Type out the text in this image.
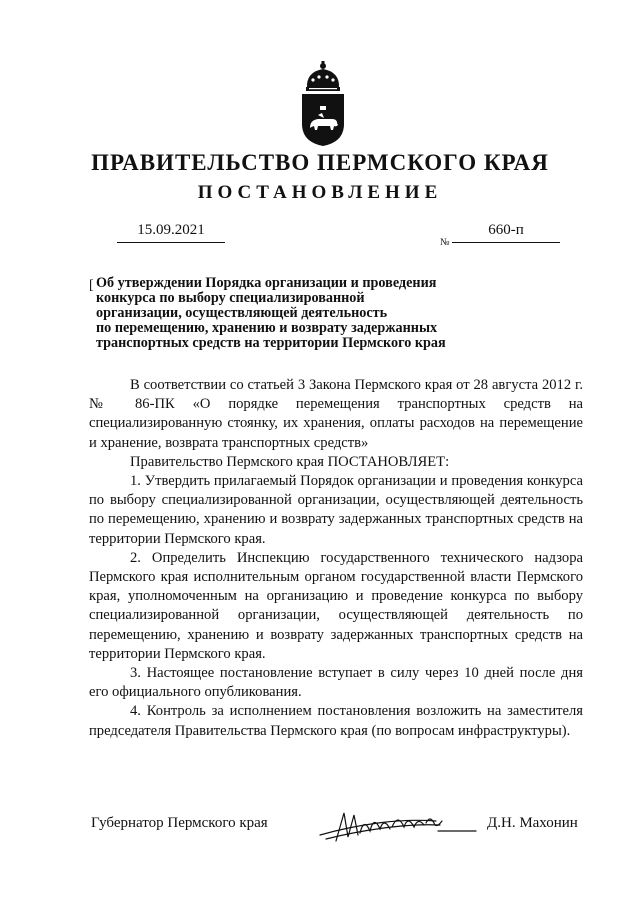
ПРАВИТЕЛЬСТВО ПЕРМСКОГО КРАЯ
ПОСТАНОВЛЕНИЕ
15.09.2021
№
660-п
[ Об утверждении Порядка организации и проведения
конкурса по выбору специализированной
организации, осуществляющей деятельность
по перемещению, хранению и возврату задержанных
транспортных средств на территории Пермского края

В соответствии со статьей 3 Закона Пермского края от 28 августа 2012 г. № 86-ПК «О порядке перемещения транспортных средств на специализированную стоянку, их хранения, оплаты расходов на перемещение и хранение, возврата транспортных средств»

Правительство Пермского края ПОСТАНОВЛЯЕТ:

1. Утвердить прилагаемый Порядок организации и проведения конкурса по выбору специализированной организации, осуществляющей деятельность по перемещению, хранению и возврату задержанных транспортных средств на территории Пермского края.

2. Определить Инспекцию государственного технического надзора Пермского края исполнительным органом государственной власти Пермского края, уполномоченным на организацию и проведение конкурса по выбору специализированной организации, осуществляющей деятельность по перемещению, хранению и возврату задержанных транспортных средств на территории Пермского края.

3. Настоящее постановление вступает в силу через 10 дней после дня его официального опубликования.

4. Контроль за исполнением постановления возложить на заместителя председателя Правительства Пермского края (по вопросам инфраструктуры).

Губернатор Пермского края	Д.Н. Махонин
